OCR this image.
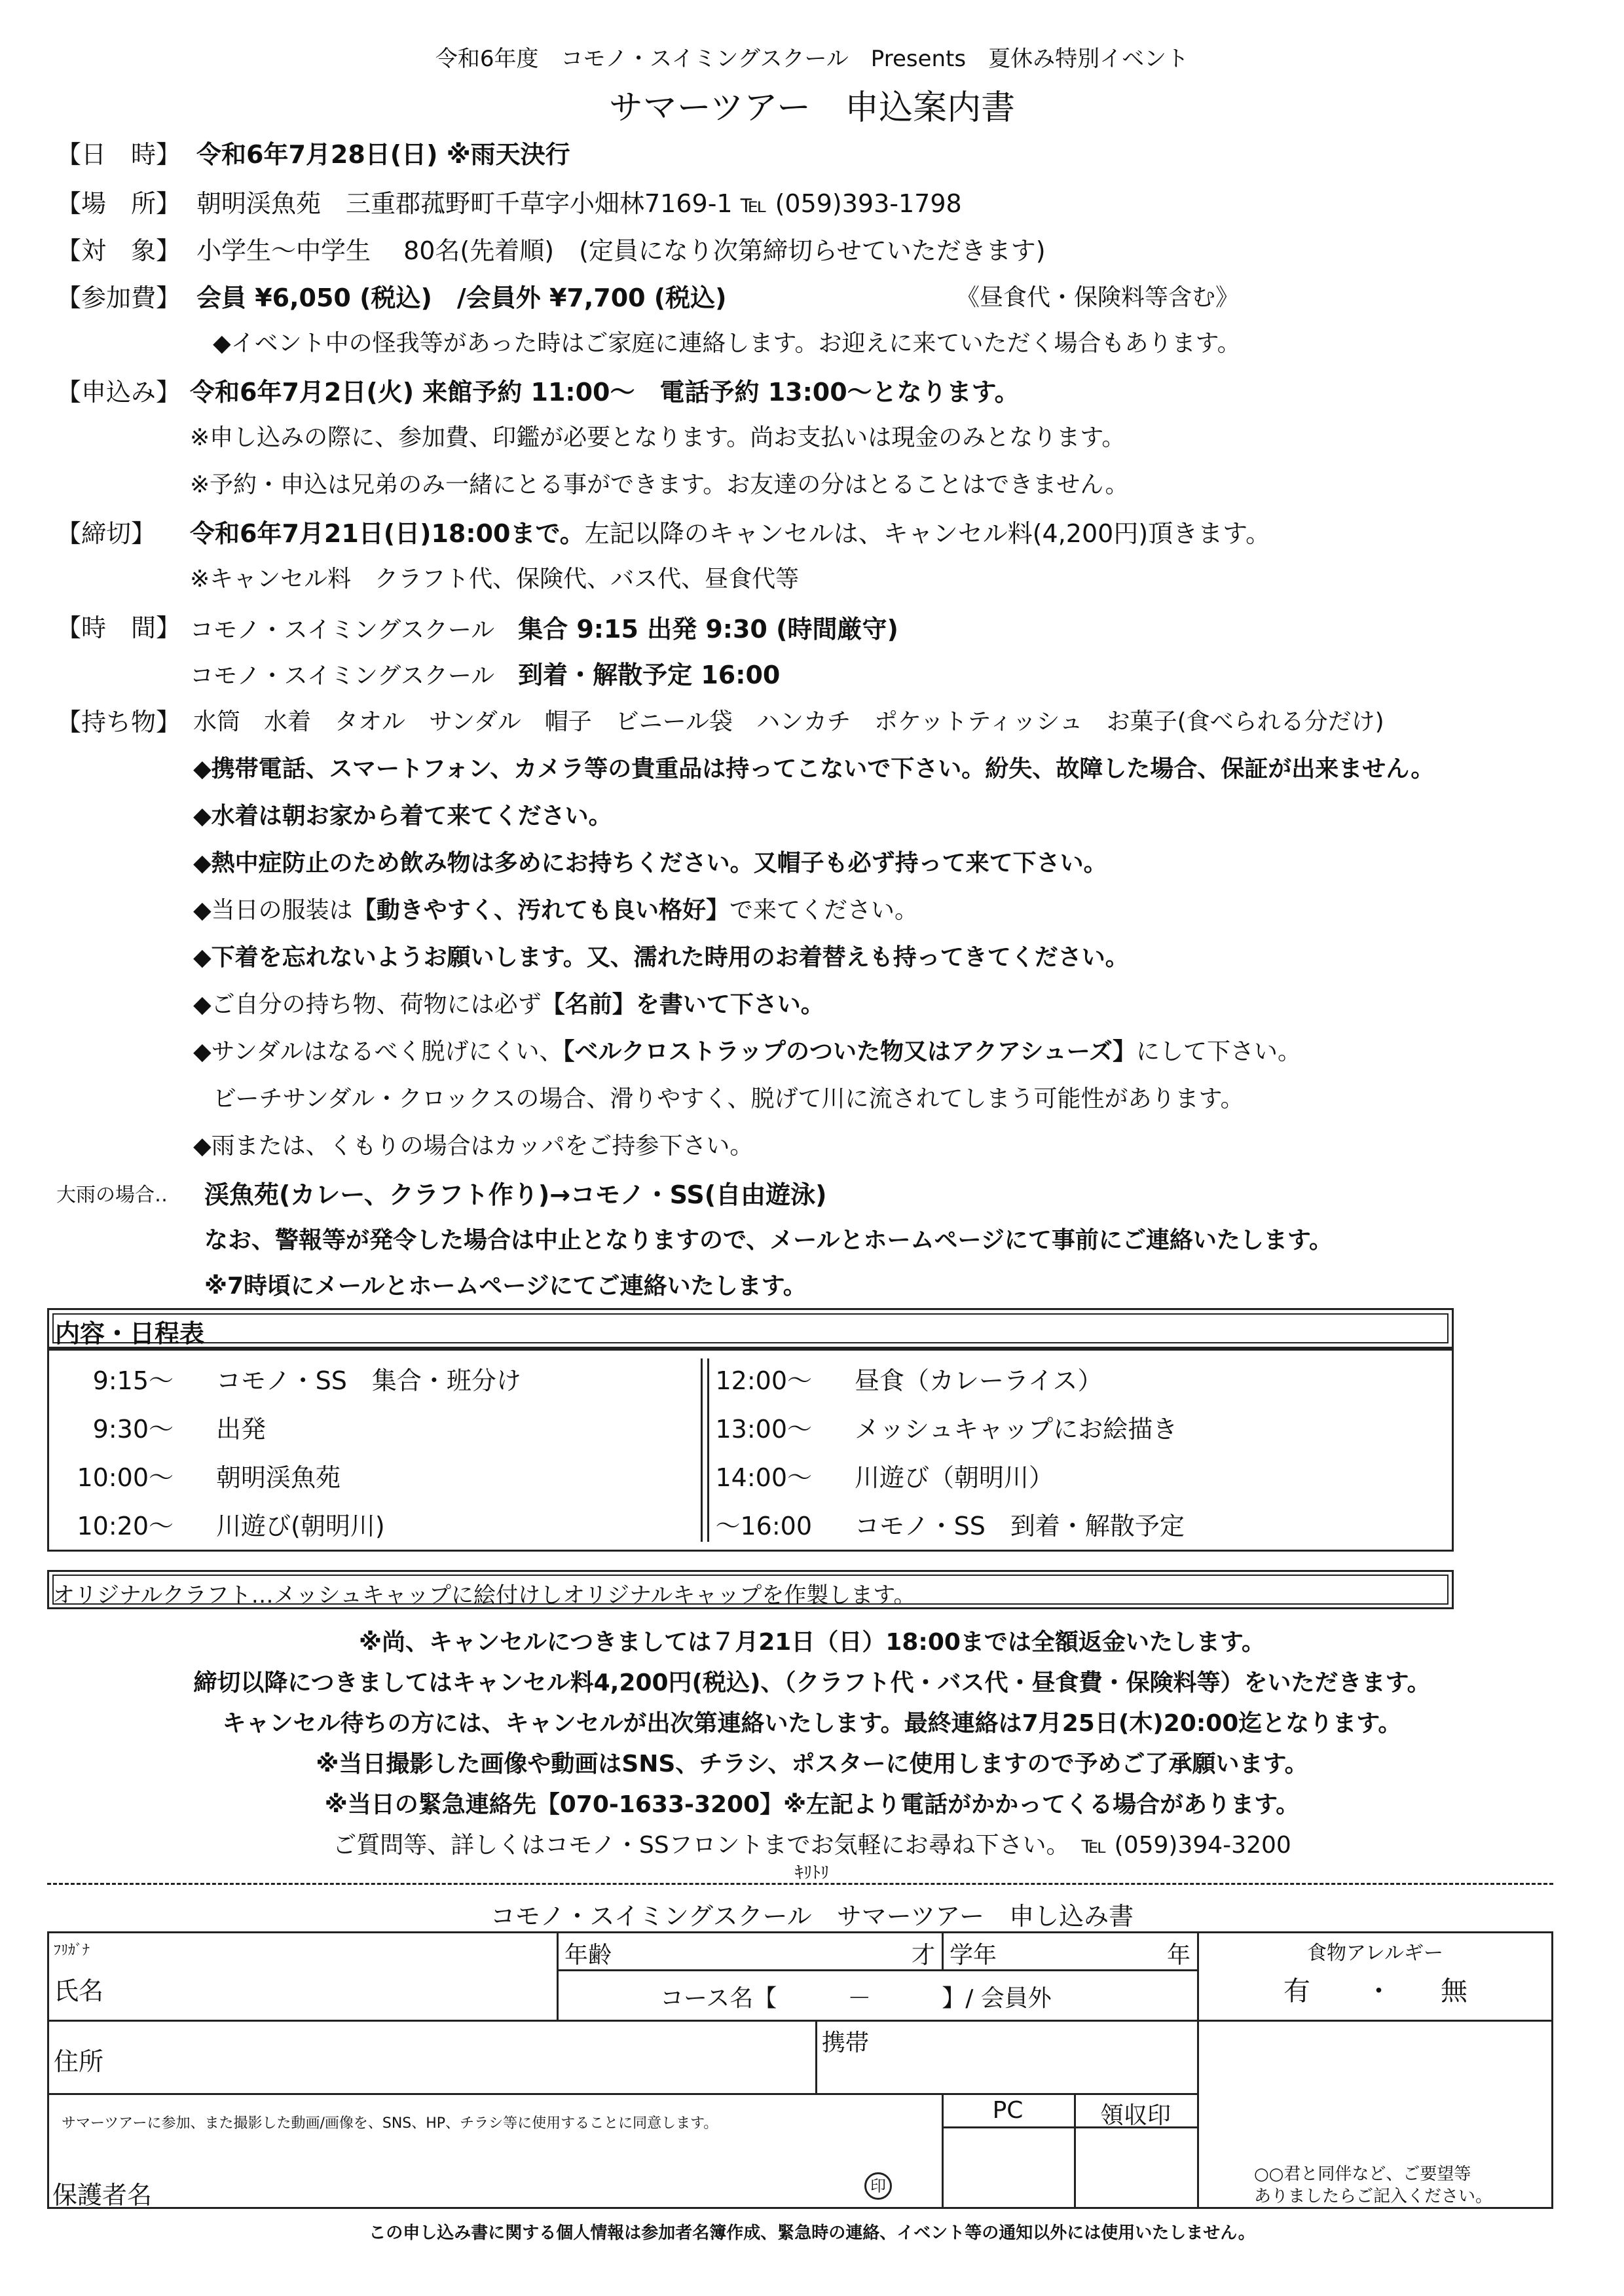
令和6年度　コモノ・スイミングスクール　Presents　夏休み特別イベント
サマーツアー　申込案内書
【日　時】 令和6年7月28日(日) ※雨天決行
【場　所】 朝明渓魚苑　三重郡菰野町千草字小畑林7169-1 ℡ (059)393-1798
【対　象】 小学生～中学生　 80名(先着順)　(定員になり次第締切らせていただきます)
【参加費】 会員 ¥6,050 (税込)　/会員外 ¥7,700 (税込)	《昼食代・保険料等含む》
◆イベント中の怪我等があった時はご家庭に連絡します。お迎えに来ていただく場合もあります。
【申込み】 令和6年7月2日(火) 来館予約 11:00～　電話予約 13:00～となります。
※申し込みの際に、参加費、印鑑が必要となります。尚お支払いは現金のみとなります。
※予約・申込は兄弟のみ一緒にとる事ができます。お友達の分はとることはできません。
【締切】 令和6年7月21日(日)18:00まで。左記以降のキャンセルは、キャンセル料(4,200円)頂きます。
※キャンセル料　クラフト代、保険代、バス代、昼食代等
【時　間】 コモノ・スイミングスクール　 集合 9:15 出発 9:30 (時間厳守)
コモノ・スイミングスクール　 到着・解散予定 16:00
【持ち物】 水筒　水着　タオル　サンダル　帽子　ビニール袋　ハンカチ　ポケットティッシュ　お菓子(食べられる分だけ)
◆携帯電話、スマートフォン、カメラ等の貴重品は持ってこないで下さい。紛失、故障した場合、保証が出来ません。
◆水着は朝お家から着て来てください。
◆熱中症防止のため飲み物は多めにお持ちください。又帽子も必ず持って来て下さい。
◆当日の服装は【動きやすく、汚れても良い格好】で来てください。
◆下着を忘れないようお願いします。又、濡れた時用のお着替えも持ってきてください。
◆ご自分の持ち物、荷物には必ず【名前】を書いて下さい。
◆サンダルはなるべく脱げにくい、【ベルクロストラップのついた物又はアクアシューズ】にして下さい。
ビーチサンダル・クロックスの場合、滑りやすく、脱げて川に流されてしまう可能性があります。
◆雨または、くもりの場合はカッパをご持参下さい。
大雨の場合‥ 渓魚苑(カレー、クラフト作り)→コモノ・SS(自由遊泳)
なお、警報等が発令した場合は中止となりますので、メールとホームページにて事前にご連絡いたします。
※7時頃にメールとホームページにてご連絡いたします。
内容・日程表
9:15～ コモノ・SS　集合・班分け
9:30～ 出発
10:00～ 朝明渓魚苑
10:20～ 川遊び(朝明川)
12:00～ 昼食（カレーライス）
13:00～ メッシュキャップにお絵描き
14:00～ 川遊び（朝明川）
～16:00 コモノ・SS　到着・解散予定
オリジナルクラフト…メッシュキャップに絵付けしオリジナルキャップを作製します。
※尚、キャンセルにつきましては７月21日（日）18:00までは全額返金いたします。
締切以降につきましてはキャンセル料4,200円(税込)、（クラフト代・バス代・昼食費・保険料等）をいただきます。
キャンセル待ちの方には、キャンセルが出次第連絡いたします。最終連絡は7月25日(木)20:00迄となります。
※当日撮影した画像や動画はSNS、チラシ、ポスターに使用しますので予めご了承願います。
※当日の緊急連絡先【070-1633-3200】※左記より電話がかかってくる場合があります。
ご質問等、詳しくはコモノ・SSフロントまでお気軽にお尋ね下さい。　℡ (059)394-3200
ｷﾘﾄﾘ
コモノ・スイミングスクール　サマーツアー　申し込み書
ﾌﾘｶﾞﾅ
氏名
年齢	才 学年	年
コース名【　　　－　　　】/ 会員外
食物アレルギー
有 ・ 無
住所
携帯
サマーツアーに参加、また撮影した動画/画像を、SNS、HP、チラシ等に使用することに同意します。	PC	領収印
保護者名	印
○○君と同伴など、ご要望等
ありましたらご記入ください。
この申し込み書に関する個人情報は参加者名簿作成、緊急時の連絡、イベント等の通知以外には使用いたしません。
